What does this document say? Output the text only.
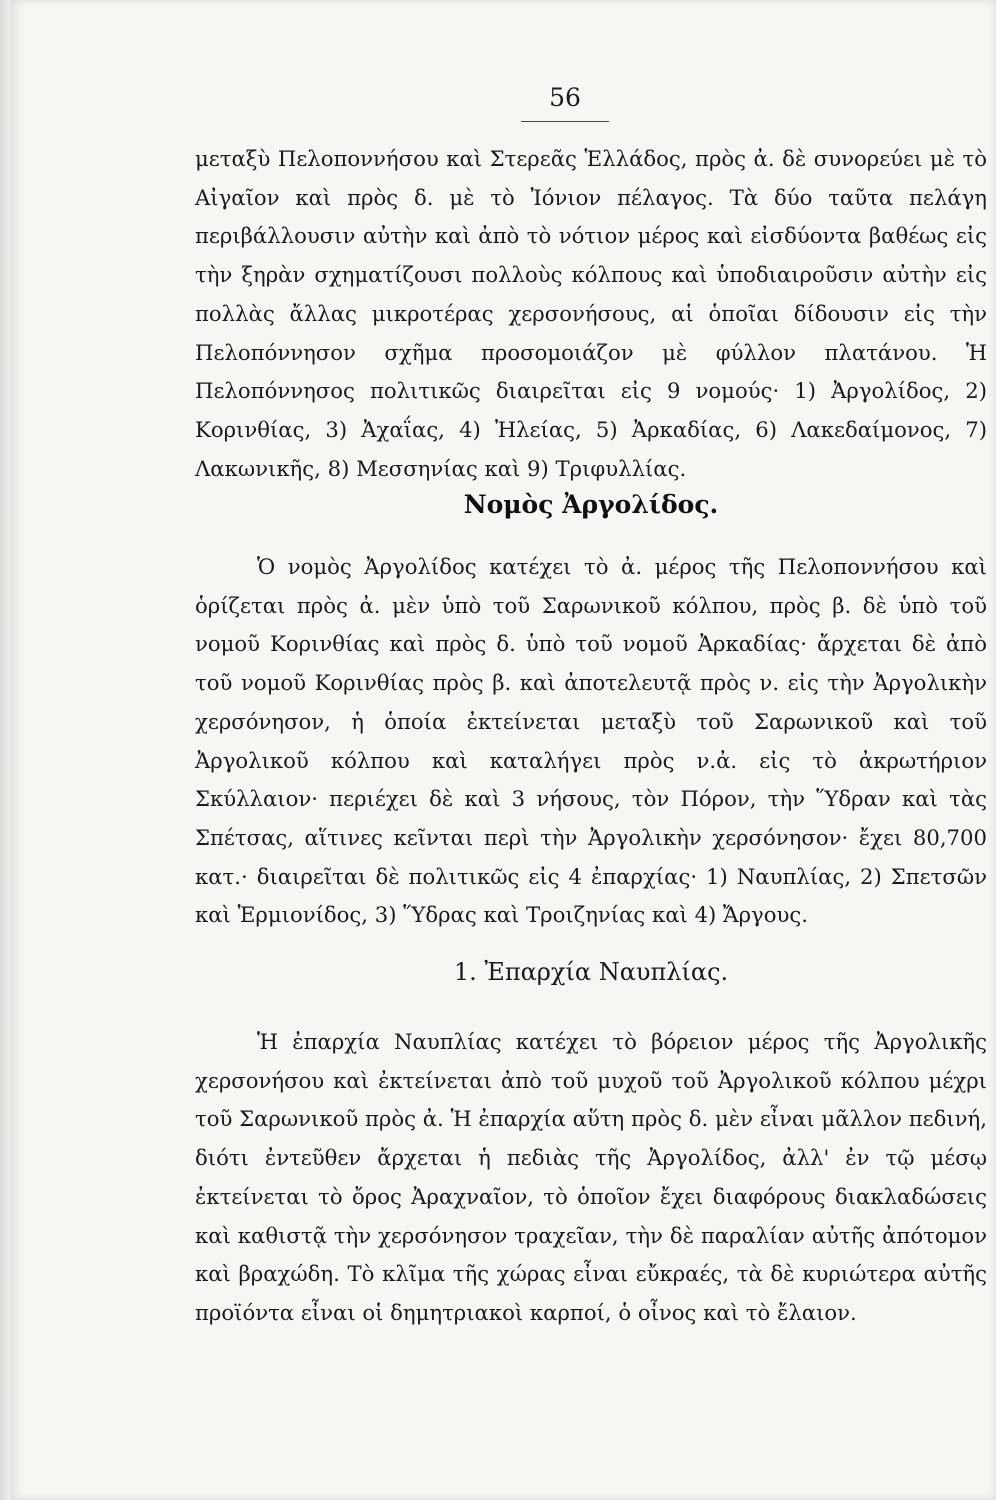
56
μεταξὺ Πελοποννήσου καὶ Στερεᾶς Ἑλλάδος, πρὸς ἀ. δὲ συνορεύει μὲ τὸ Αἰγαῖον καὶ πρὸς δ. μὲ τὸ Ἰόνιον πέλαγος. Τὰ δύο ταῦτα πελάγη περιβάλλουσιν αὐτὴν καὶ ἀπὸ τὸ νότιον μέρος καὶ εἰσδύοντα βαθέως εἰς τὴν ξηρὰν σχηματίζουσι πολλοὺς κόλπους καὶ ὑποδιαιροῦσιν αὐτὴν εἰς πολλὰς ἄλλας μικροτέρας χερσονήσους, αἱ ὁποῖαι δίδουσιν εἰς τὴν Πελοπόννησον σχῆμα προσομοιάζον μὲ φύλλον πλατάνου. Ἡ Πελοπόννησος πολιτικῶς διαιρεῖται εἰς 9 νομούς· 1) Ἀργολίδος, 2) Κορινθίας, 3) Ἀχαΐας, 4) Ἠλείας, 5) Ἀρκαδίας, 6) Λακεδαίμονος, 7) Λακωνικῆς, 8) Μεσσηνίας καὶ 9) Τριφυλλίας.
Νομὸς Ἀργολίδος.
Ὁ νομὸς Ἀργολίδος κατέχει τὸ ἀ. μέρος τῆς Πελοποννήσου καὶ ὁρίζεται πρὸς ἀ. μὲν ὑπὸ τοῦ Σαρωνικοῦ κόλπου, πρὸς β. δὲ ὑπὸ τοῦ νομοῦ Κορινθίας καὶ πρὸς δ. ὑπὸ τοῦ νομοῦ Ἀρκαδίας· ἄρχεται δὲ ἀπὸ τοῦ νομοῦ Κορινθίας πρὸς β. καὶ ἀποτελευτᾷ πρὸς ν. εἰς τὴν Ἀργολικὴν χερσόνησον, ἡ ὁποία ἐκτείνεται μεταξὺ τοῦ Σαρωνικοῦ καὶ τοῦ Ἀργολικοῦ κόλπου καὶ καταλήγει πρὸς ν.ἀ. εἰς τὸ ἀκρωτήριον Σκύλλαιον· περιέχει δὲ καὶ 3 νήσους, τὸν Πόρον, τὴν Ὕδραν καὶ τὰς Σπέτσας, αἵτινες κεῖνται περὶ τὴν Ἀργολικὴν χερσόνησον· ἔχει 80,700 κατ.· διαιρεῖται δὲ πολιτικῶς εἰς 4 ἐπαρχίας· 1) Ναυπλίας, 2) Σπετσῶν καὶ Ἑρμιονίδος, 3) Ὕδρας καὶ Τροιζηνίας καὶ 4) Ἄργους.
1. Ἐπαρχία Ναυπλίας.
Ἡ ἐπαρχία Ναυπλίας κατέχει τὸ βόρειον μέρος τῆς Ἀργολικῆς χερσονήσου καὶ ἐκτείνεται ἀπὸ τοῦ μυχοῦ τοῦ Ἀργολικοῦ κόλπου μέχρι τοῦ Σαρωνικοῦ πρὸς ἀ. Ἡ ἐπαρχία αὕτη πρὸς δ. μὲν εἶναι μᾶλλον πεδινή, διότι ἐντεῦθεν ἄρχεται ἡ πεδιὰς τῆς Ἀργολίδος, ἀλλ' ἐν τῷ μέσῳ ἐκτείνεται τὸ ὄρος Ἀραχναῖον, τὸ ὁποῖον ἔχει διαφόρους διακλαδώσεις καὶ καθιστᾷ τὴν χερσόνησον τραχεῖαν, τὴν δὲ παραλίαν αὐτῆς ἀπότομον καὶ βραχώδη. Τὸ κλῖμα τῆς χώρας εἶναι εὔκραές, τὰ δὲ κυριώτερα αὐτῆς προϊόντα εἶναι οἱ δημητριακοὶ καρποί, ὁ οἶνος καὶ τὸ ἔλαιον.
